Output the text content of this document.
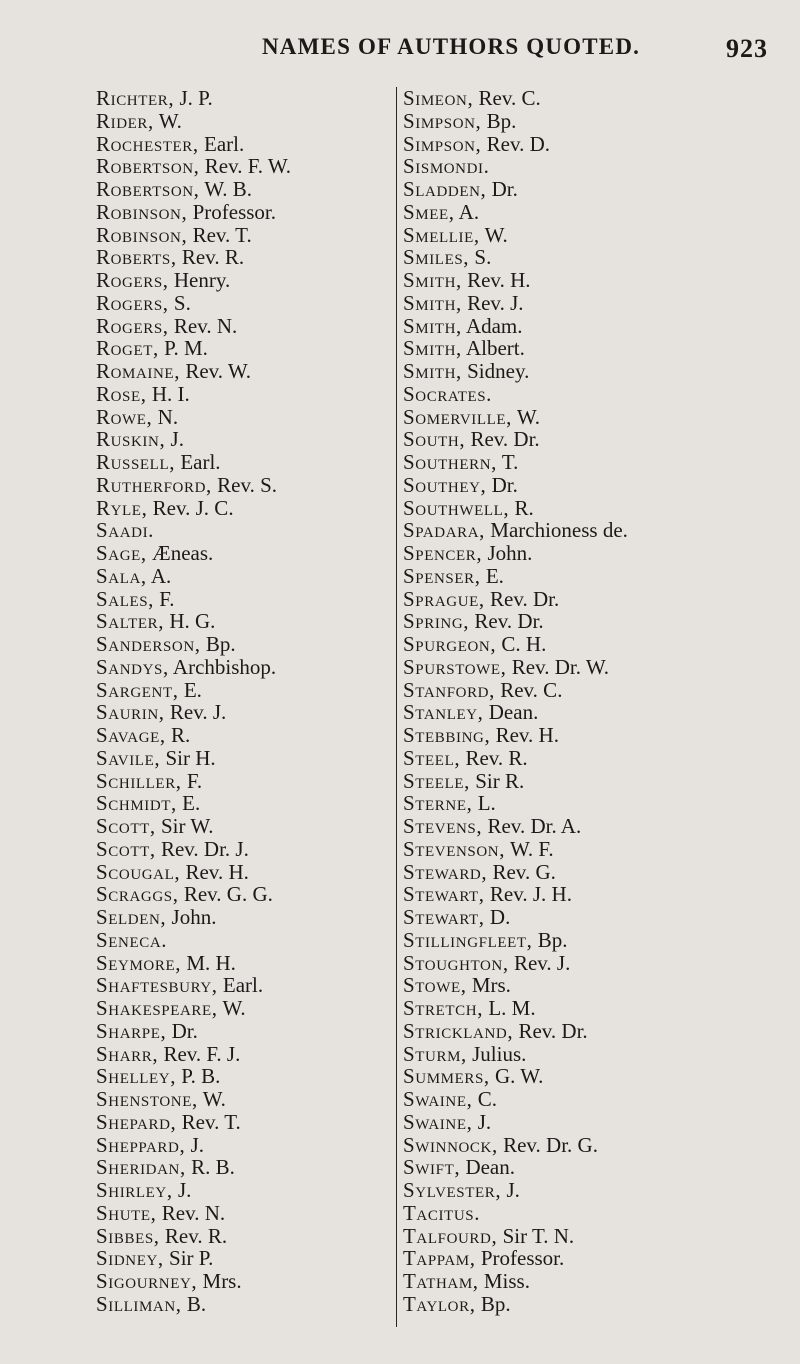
NAMES OF AUTHORS QUOTED.	923
Richter, J. P.
Rider, W.
Rochester, Earl.
Robertson, Rev. F. W.
Robertson, W. B.
Robinson, Professor.
Robinson, Rev. T.
Roberts, Rev. R.
Rogers, Henry.
Rogers, S.
Rogers, Rev. N.
Roget, P. M.
Romaine, Rev. W.
Rose, H. I.
Rowe, N.
Ruskin, J.
Russell, Earl.
Rutherford, Rev. S.
Ryle, Rev. J. C.
Saadi.
Sage, Æneas.
Sala, A.
Sales, F.
Salter, H. G.
Sanderson, Bp.
Sandys, Archbishop.
Sargent, E.
Saurin, Rev. J.
Savage, R.
Savile, Sir H.
Schiller, F.
Schmidt, E.
Scott, Sir W.
Scott, Rev. Dr. J.
Scougal, Rev. H.
Scraggs, Rev. G. G.
Selden, John.
Seneca.
Seymore, M. H.
Shaftesbury, Earl.
Shakespeare, W.
Sharpe, Dr.
Sharr, Rev. F. J.
Shelley, P. B.
Shenstone, W.
Shepard, Rev. T.
Sheppard, J.
Sheridan, R. B.
Shirley, J.
Shute, Rev. N.
Sibbes, Rev. R.
Sidney, Sir P.
Sigourney, Mrs.
Silliman, B.
Simeon, Rev. C.
Simpson, Bp.
Simpson, Rev. D.
Sismondi.
Sladden, Dr.
Smee, A.
Smellie, W.
Smiles, S.
Smith, Rev. H.
Smith, Rev. J.
Smith, Adam.
Smith, Albert.
Smith, Sidney.
Socrates.
Somerville, W.
South, Rev. Dr.
Southern, T.
Southey, Dr.
Southwell, R.
Spadara, Marchioness de.
Spencer, John.
Spenser, E.
Sprague, Rev. Dr.
Spring, Rev. Dr.
Spurgeon, C. H.
Spurstowe, Rev. Dr. W.
Stanford, Rev. C.
Stanley, Dean.
Stebbing, Rev. H.
Steel, Rev. R.
Steele, Sir R.
Sterne, L.
Stevens, Rev. Dr. A.
Stevenson, W. F.
Steward, Rev. G.
Stewart, Rev. J. H.
Stewart, D.
Stillingfleet, Bp.
Stoughton, Rev. J.
Stowe, Mrs.
Stretch, L. M.
Strickland, Rev. Dr.
Sturm, Julius.
Summers, G. W.
Swaine, C.
Swaine, J.
Swinnock, Rev. Dr. G.
Swift, Dean.
Sylvester, J.
Tacitus.
Talfourd, Sir T. N.
Tappam, Professor.
Tatham, Miss.
Taylor, Bp.
